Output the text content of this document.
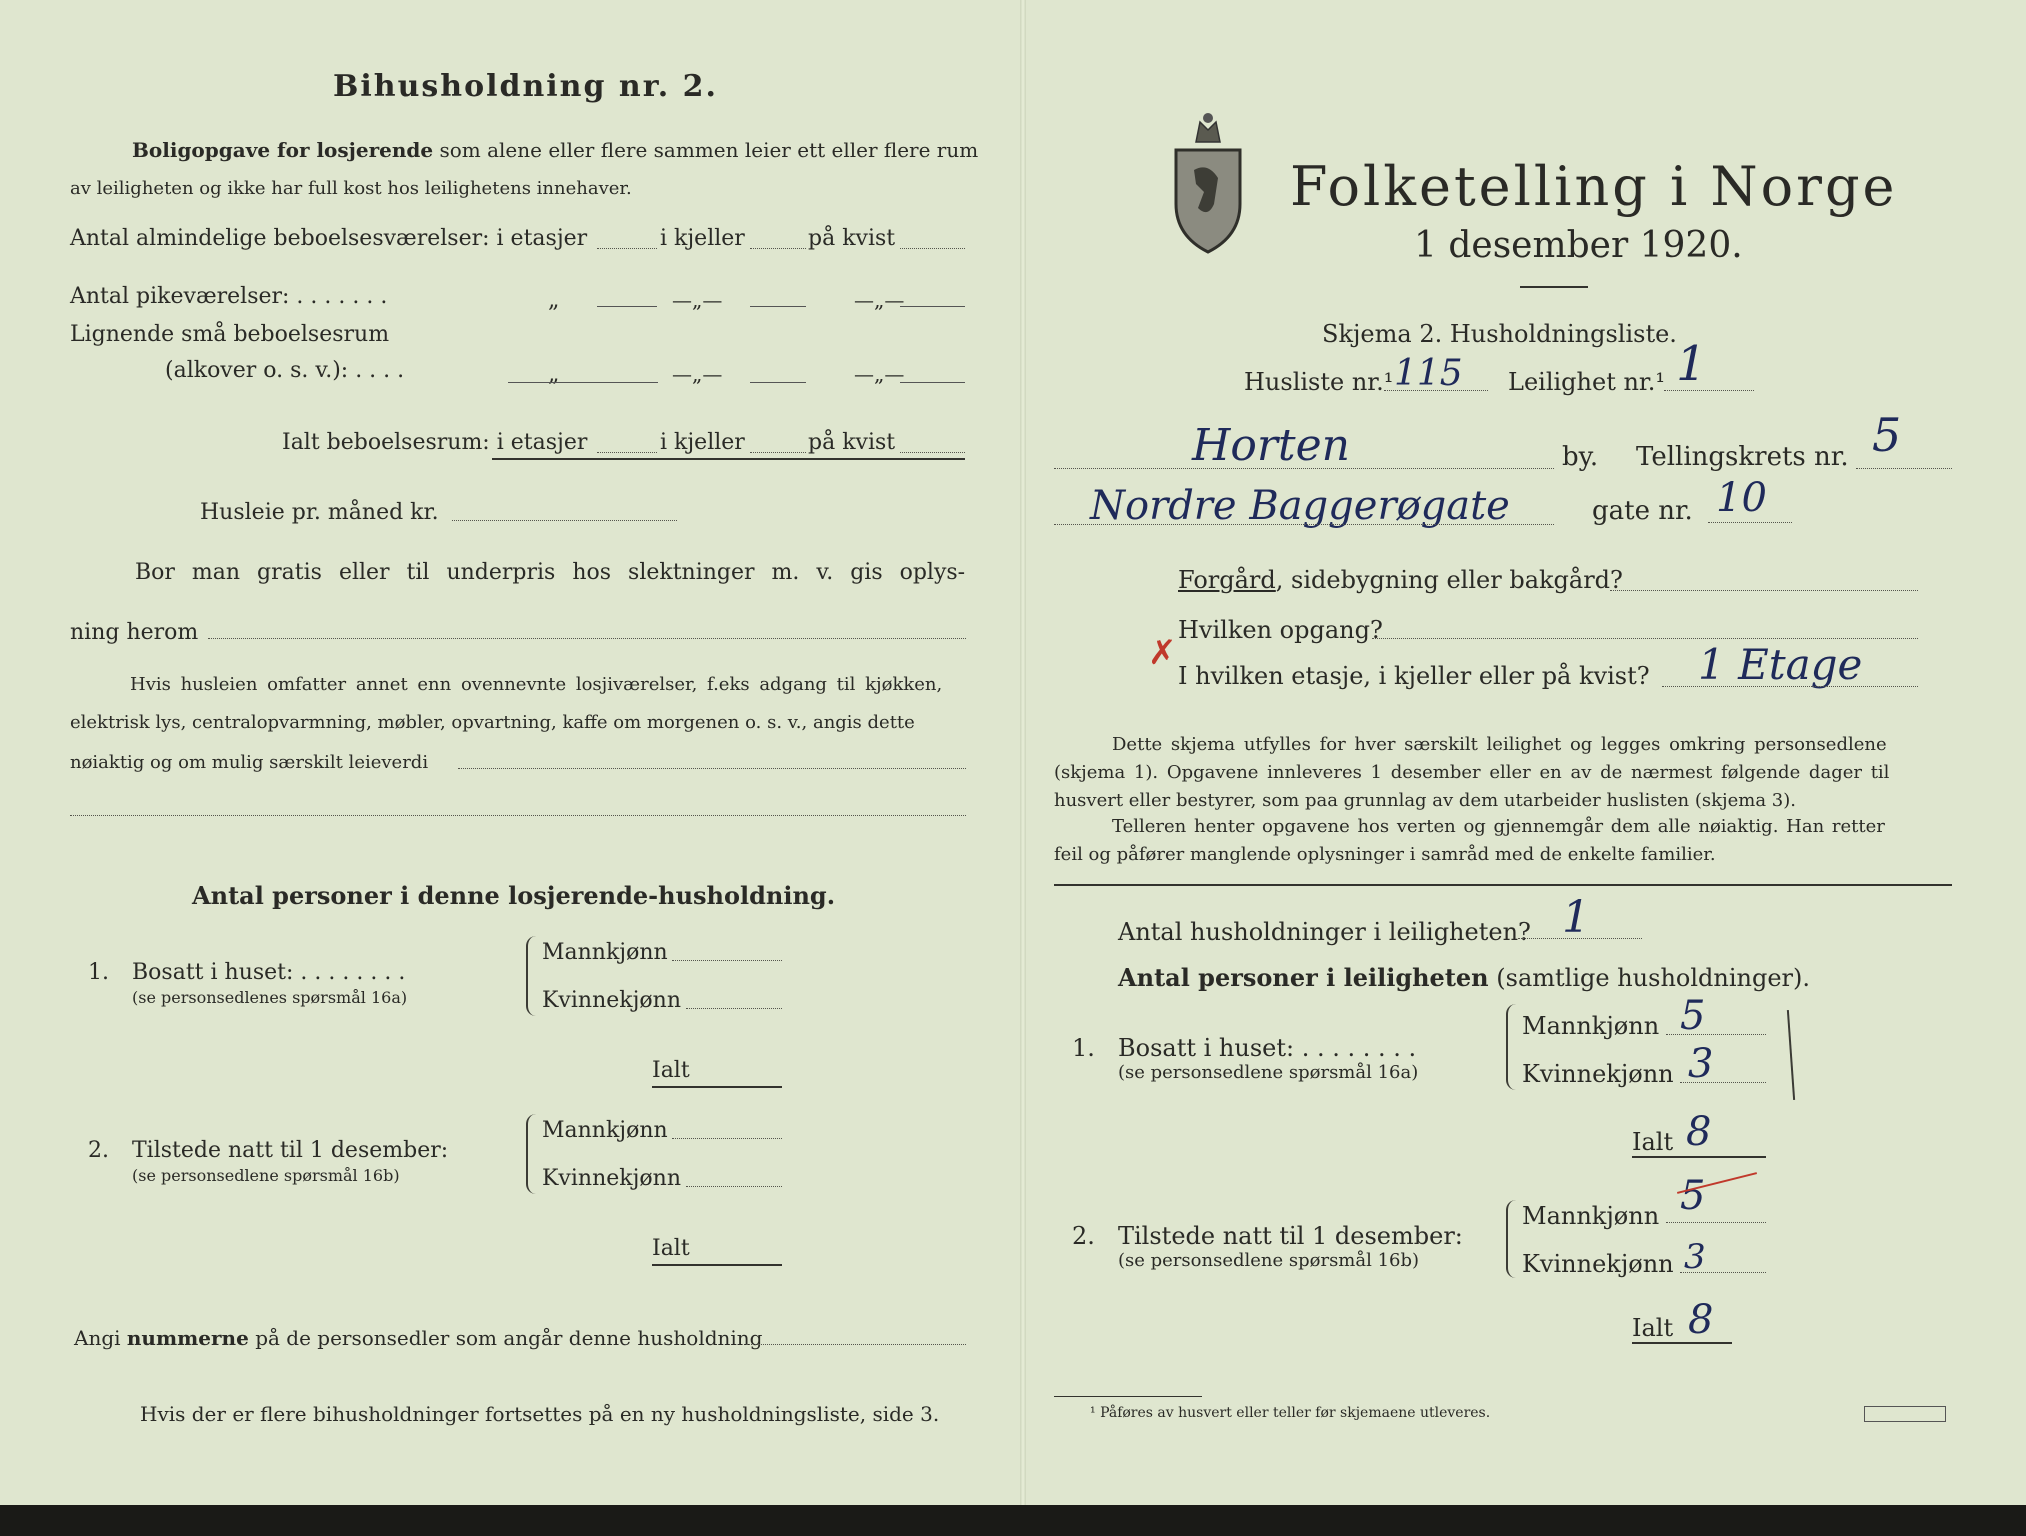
Bihusholdning nr. 2.
Boligopgave for losjerende som alene eller flere sammen leier ett eller flere rum
av leiligheten og ikke har full kost hos leilighetens innehaver.
Antal almindelige beboelsesværelser: i etasjer	i kjeller	på kvist
Antal pikeværelser: . . . . . . .	„	—„—	—„—
Lignende små beboelsesrum
(alkover o. s. v.): . . . .	„	—„—	—„—
Ialt beboelsesrum: i etasjer	i kjeller	på kvist
Husleie pr. måned kr.
Bor man gratis eller til underpris hos slektninger m. v. gis oplys-
ning herom
Hvis husleien omfatter annet enn ovennevnte losjiværelser, f.eks adgang til kjøkken,
elektrisk lys, centralopvarmning, møbler, opvartning, kaffe om morgenen o. s. v., angis dette
nøiaktig og om mulig særskilt leieverdi
Antal personer i denne losjerende-husholdning.
1. Bosatt i huset: . . . . . . . .
(se personsedlenes spørsmål 16a)
Mannkjønn
Kvinnekjønn
Ialt
2. Tilstede natt til 1 desember:
(se personsedlene spørsmål 16b)
Mannkjønn
Kvinnekjønn
Ialt
Angi nummerne på de personsedler som angår denne husholdning
Hvis der er flere bihusholdninger fortsettes på en ny husholdningsliste, side 3.
Folketelling i Norge
1 desember 1920.
Skjema 2. Husholdningsliste.
Husliste nr.¹ 115 Leilighet nr.¹ 1
Horten	by. Tellingskrets nr. 5
Nordre Baggerøgate	gate nr. 10
Forgård, sidebygning eller bakgård?
Hvilken opgang?
✗
I hvilken etasje, i kjeller eller på kvist? 1 Etage
Dette skjema utfylles for hver særskilt leilighet og legges omkring personsedlene
(skjema 1). Opgavene innleveres 1 desember eller en av de nærmest følgende dager til
husvert eller bestyrer, som paa grunnlag av dem utarbeider huslisten (skjema 3).
Telleren henter opgavene hos verten og gjennemgår dem alle nøiaktig. Han retter
feil og påfører manglende oplysninger i samråd med de enkelte familier.
Antal husholdninger i leiligheten? 1
Antal personer i leiligheten (samtlige husholdninger).
1. Bosatt i huset: . . . . . . . .
(se personsedlene spørsmål 16a)
Mannkjønn 5
Kvinnekjønn 3
Ialt 8
2. Tilstede natt til 1 desember:
(se personsedlene spørsmål 16b)
Mannkjønn 5
Kvinnekjønn 3
Ialt 8
¹ Påføres av husvert eller teller før skjemaene utleveres.
